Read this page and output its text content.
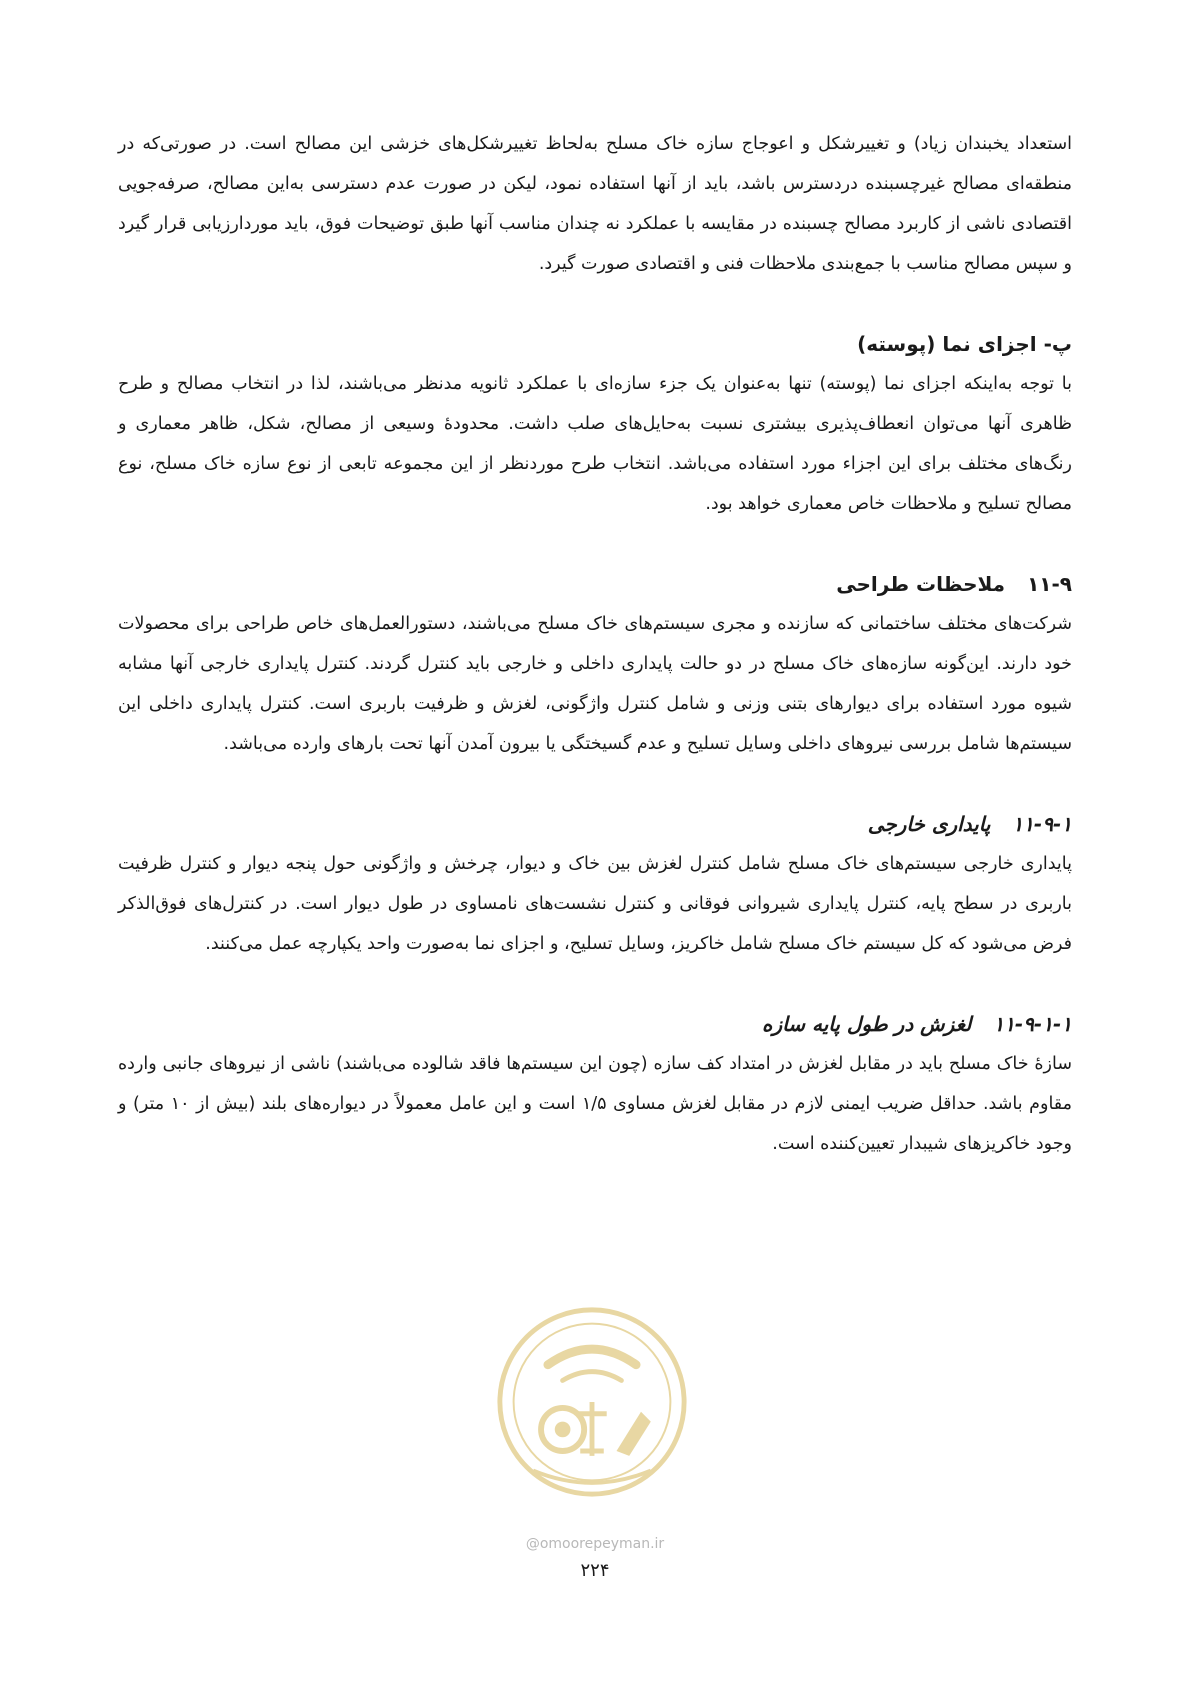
استعداد یخبندان زیاد) و تغییرشکل و اعوجاج سازه خاک مسلح به‌لحاظ تغییرشکل‌های خزشی این مصالح است. در صورتی‌که در منطقه‌ای مصالح غیرچسبنده دردسترس باشد، باید از آنها استفاده نمود، لیکن در صورت عدم دسترسی به‌این مصالح، صرفه‌جویی اقتصادی ناشی از کاربرد مصالح چسبنده در مقایسه با عملکرد نه چندان مناسب آنها طبق توضیحات فوق، باید موردارزیابی قرار گیرد و سپس مصالح مناسب با جمع‌بندی ملاحظات فنی و اقتصادی صورت گیرد.

پ- اجزای نما (پوسته)

با توجه به‌اینکه اجزای نما (پوسته) تنها به‌عنوان یک جزء سازه‌ای با عملکرد ثانویه مدنظر می‌باشند، لذا در انتخاب مصالح و طرح ظاهری آنها می‌توان انعطاف‌پذیری بیشتری نسبت به‌حایل‌های صلب داشت. محدودهٔ وسیعی از مصالح، شکل، ظاهر معماری و رنگ‌های مختلف برای این اجزاء مورد استفاده می‌باشد. انتخاب طرح موردنظر از این مجموعه تابعی از نوع سازه خاک مسلح، نوع مصالح تسلیح و ملاحظات خاص معماری خواهد بود.

۱۱-۹ملاحظات طراحی

شرکت‌های مختلف ساختمانی که سازنده و مجری سیستم‌های خاک مسلح می‌باشند، دستورالعمل‌های خاص طراحی برای محصولات خود دارند. این‌گونه سازه‌های خاک مسلح در دو حالت پایداری داخلی و خارجی باید کنترل گردند. کنترل پایداری خارجی آنها مشابه شیوه مورد استفاده برای دیوارهای بتنی وزنی و شامل کنترل واژگونی، لغزش و ظرفیت باربری است. کنترل پایداری داخلی این سیستم‌ها شامل بررسی نیروهای داخلی وسایل تسلیح و عدم گسیختگی یا بیرون آمدن آنها تحت بارهای وارده می‌باشد.

۱۱-۹-۱پایداری خارجی

پایداری خارجی سیستم‌های خاک مسلح شامل کنترل لغزش بین خاک و دیوار، چرخش و واژگونی حول پنجه دیوار و کنترل ظرفیت باربری در سطح پایه، کنترل پایداری شیروانی فوقانی و کنترل نشست‌های نامساوی در طول دیوار است. در کنترل‌های فوق‌الذکر فرض می‌شود که کل سیستم خاک مسلح شامل خاکریز، وسایل تسلیح، و اجزای نما به‌صورت واحد یکپارچه عمل می‌کنند.

۱۱-۹-۱-۱لغزش در طول پایه سازه

سازهٔ خاک مسلح باید در مقابل لغزش در امتداد کف سازه (چون این سیستم‌ها فاقد شالوده می‌باشند) ناشی از نیروهای جانبی وارده مقاوم باشد. حداقل ضریب ایمنی لازم در مقابل لغزش مساوی ۱/۵ است و این عامل معمولاً در دیواره‌های بلند (بیش از ۱۰ متر) و وجود خاکریزهای شیبدار تعیین‌کننده است.

@omoorepeyman.ir
۲۲۴
